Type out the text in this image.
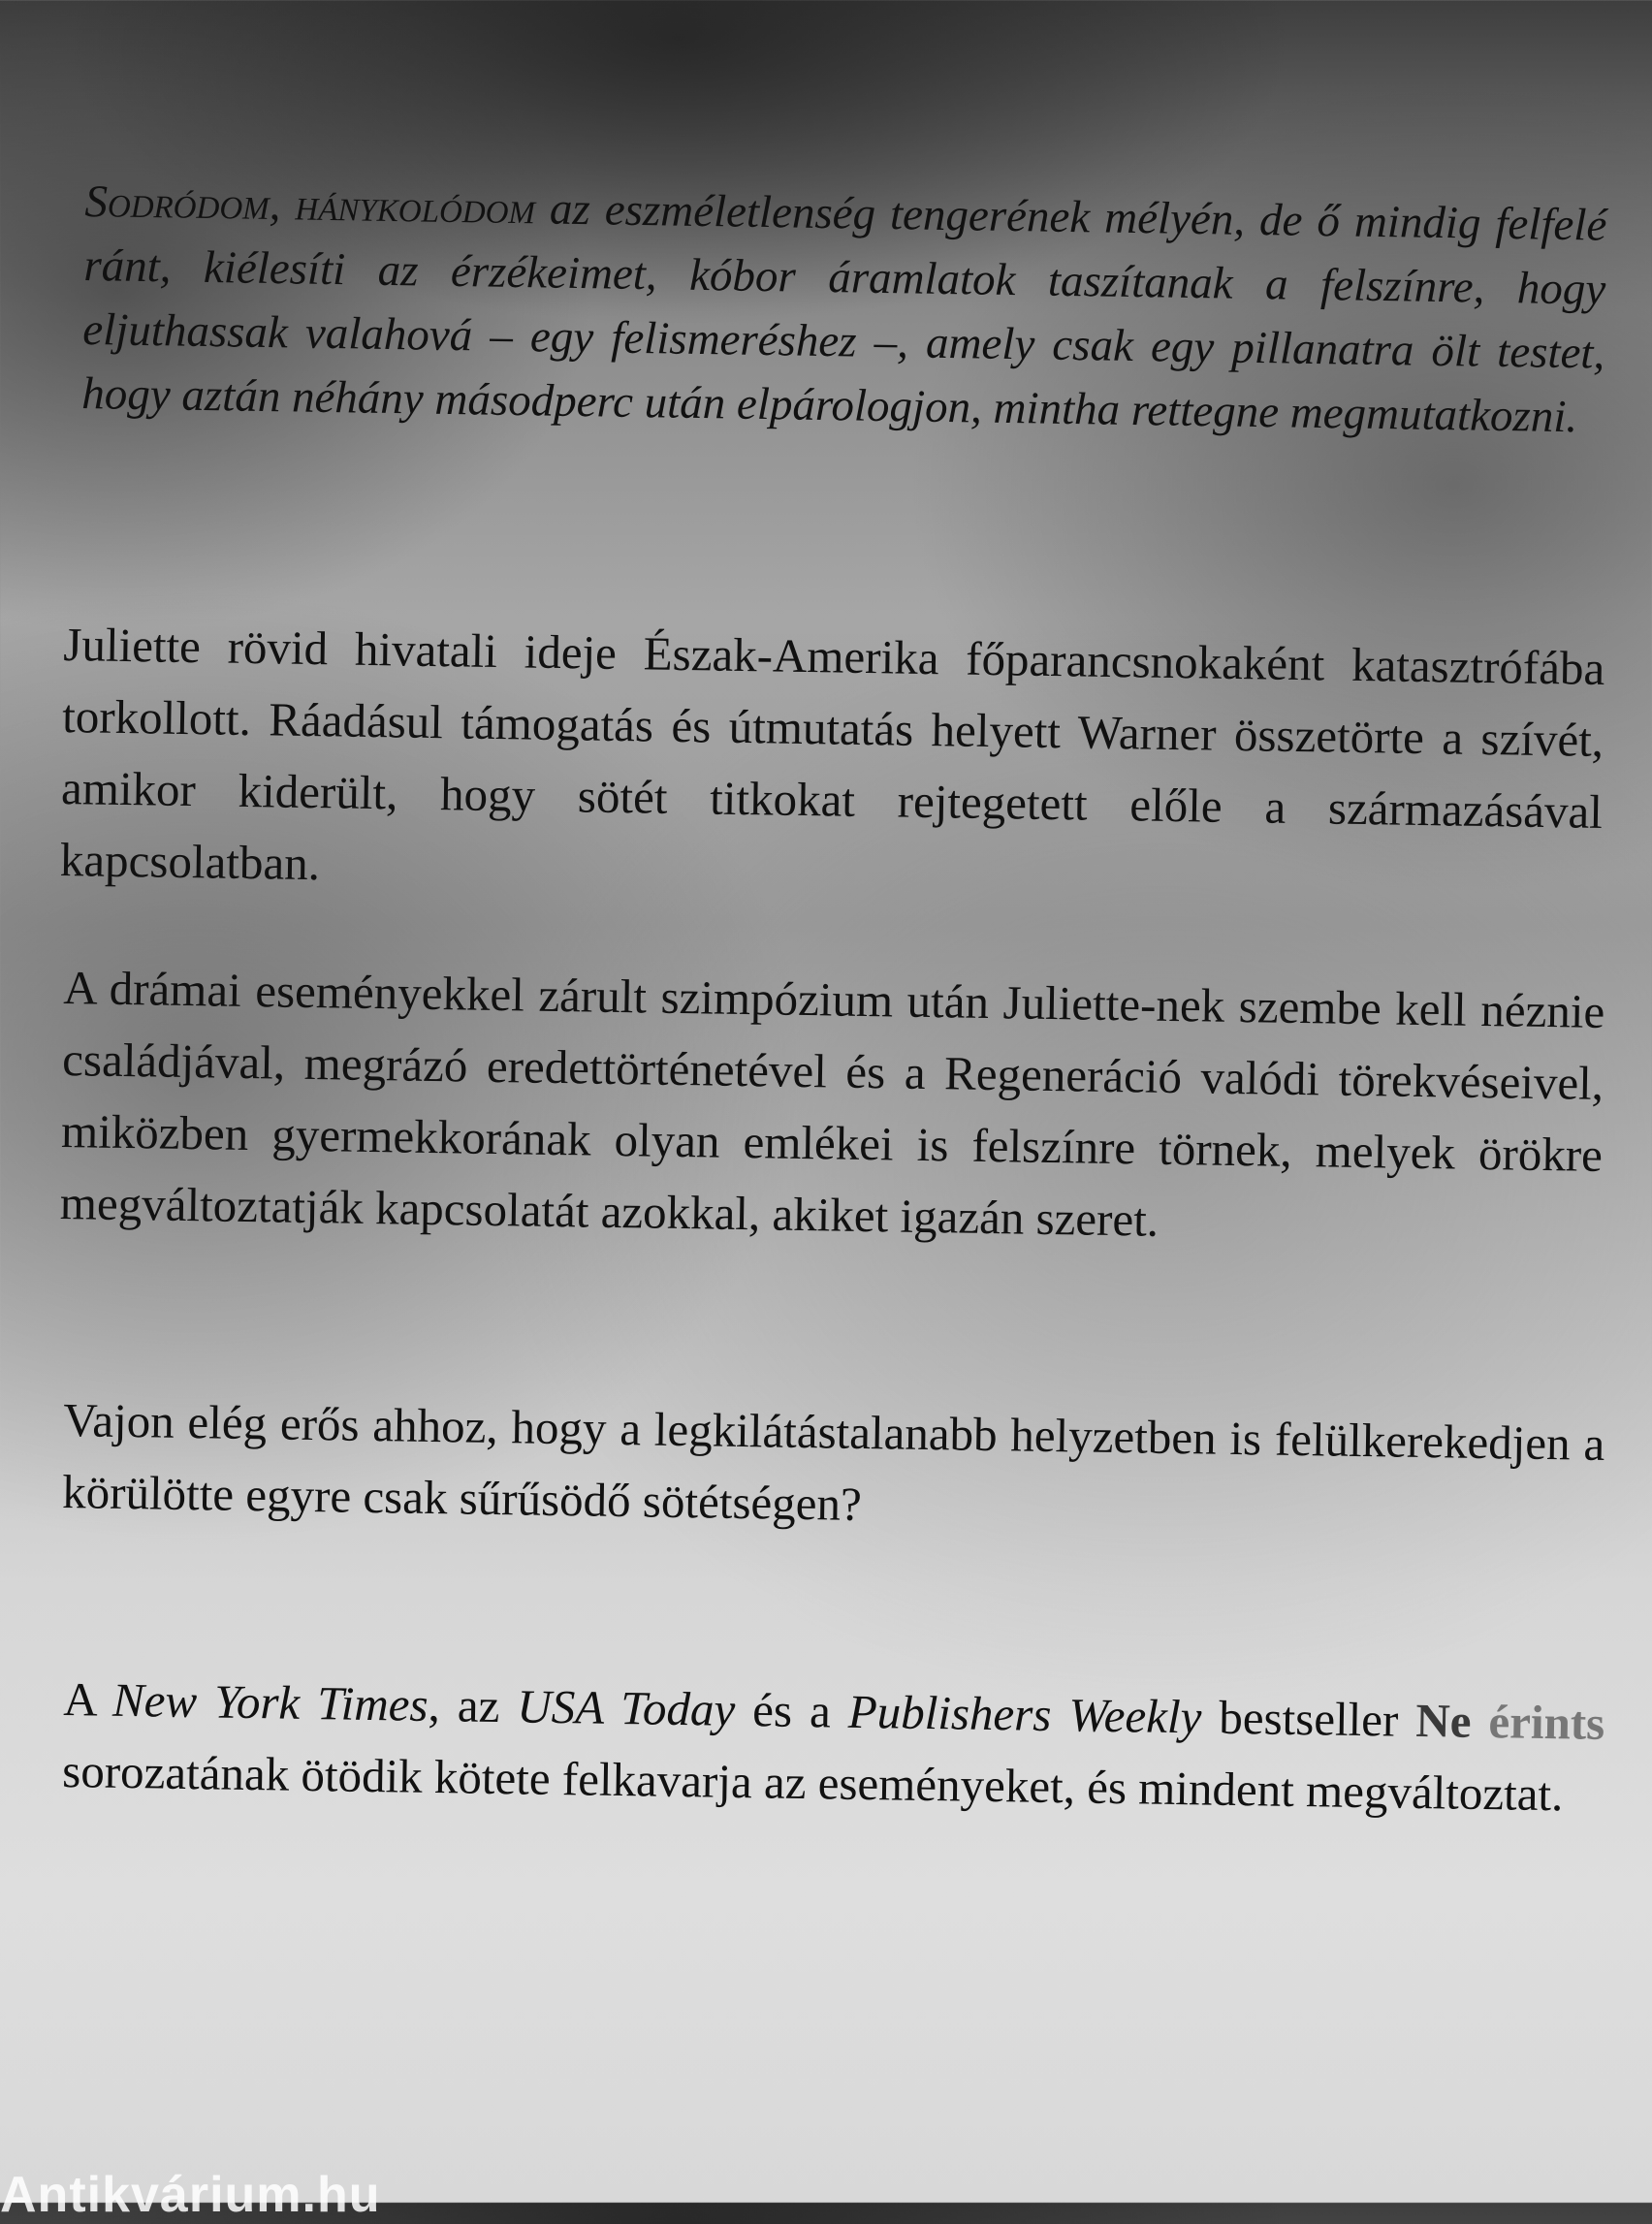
Sodródom, hánykolódom az eszméletlenség tengerének mélyén, de ő mindig felfelé ránt, kiélesíti az érzékeimet, kóbor áramlatok taszítanak a felszínre, hogy eljuthassak valahová – egy felismeréshez –, amely csak egy pillanatra ölt testet, hogy aztán néhány másodperc után elpárologjon, mintha rettegne megmutatkozni.

Juliette rövid hivatali ideje Észak-Amerika főparancsnokaként katasztrófába torkollott. Ráadásul támogatás és útmutatás helyett Warner összetörte a szívét, amikor kiderült, hogy sötét titkokat rejtegetett előle a származásával kapcsolatban.

A drámai eseményekkel zárult szimpózium után Juliette-nek szembe kell néznie családjával, megrázó eredettörténetével és a Regeneráció valódi törekvéseivel, miközben gyermekkorának olyan emlékei is felszínre törnek, melyek örökre megváltoztatják kapcsolatát azokkal, akiket igazán szeret.

Vajon elég erős ahhoz, hogy a legkilátástalanabb helyzetben is felülkerekedjen a körülötte egyre csak sűrűsödő sötétségen?

A New York Times, az USA Today és a Publishers Weekly bestseller Ne érints sorozatának ötödik kötete felkavarja az eseményeket, és mindent megváltoztat.

Antikvárium.hu
